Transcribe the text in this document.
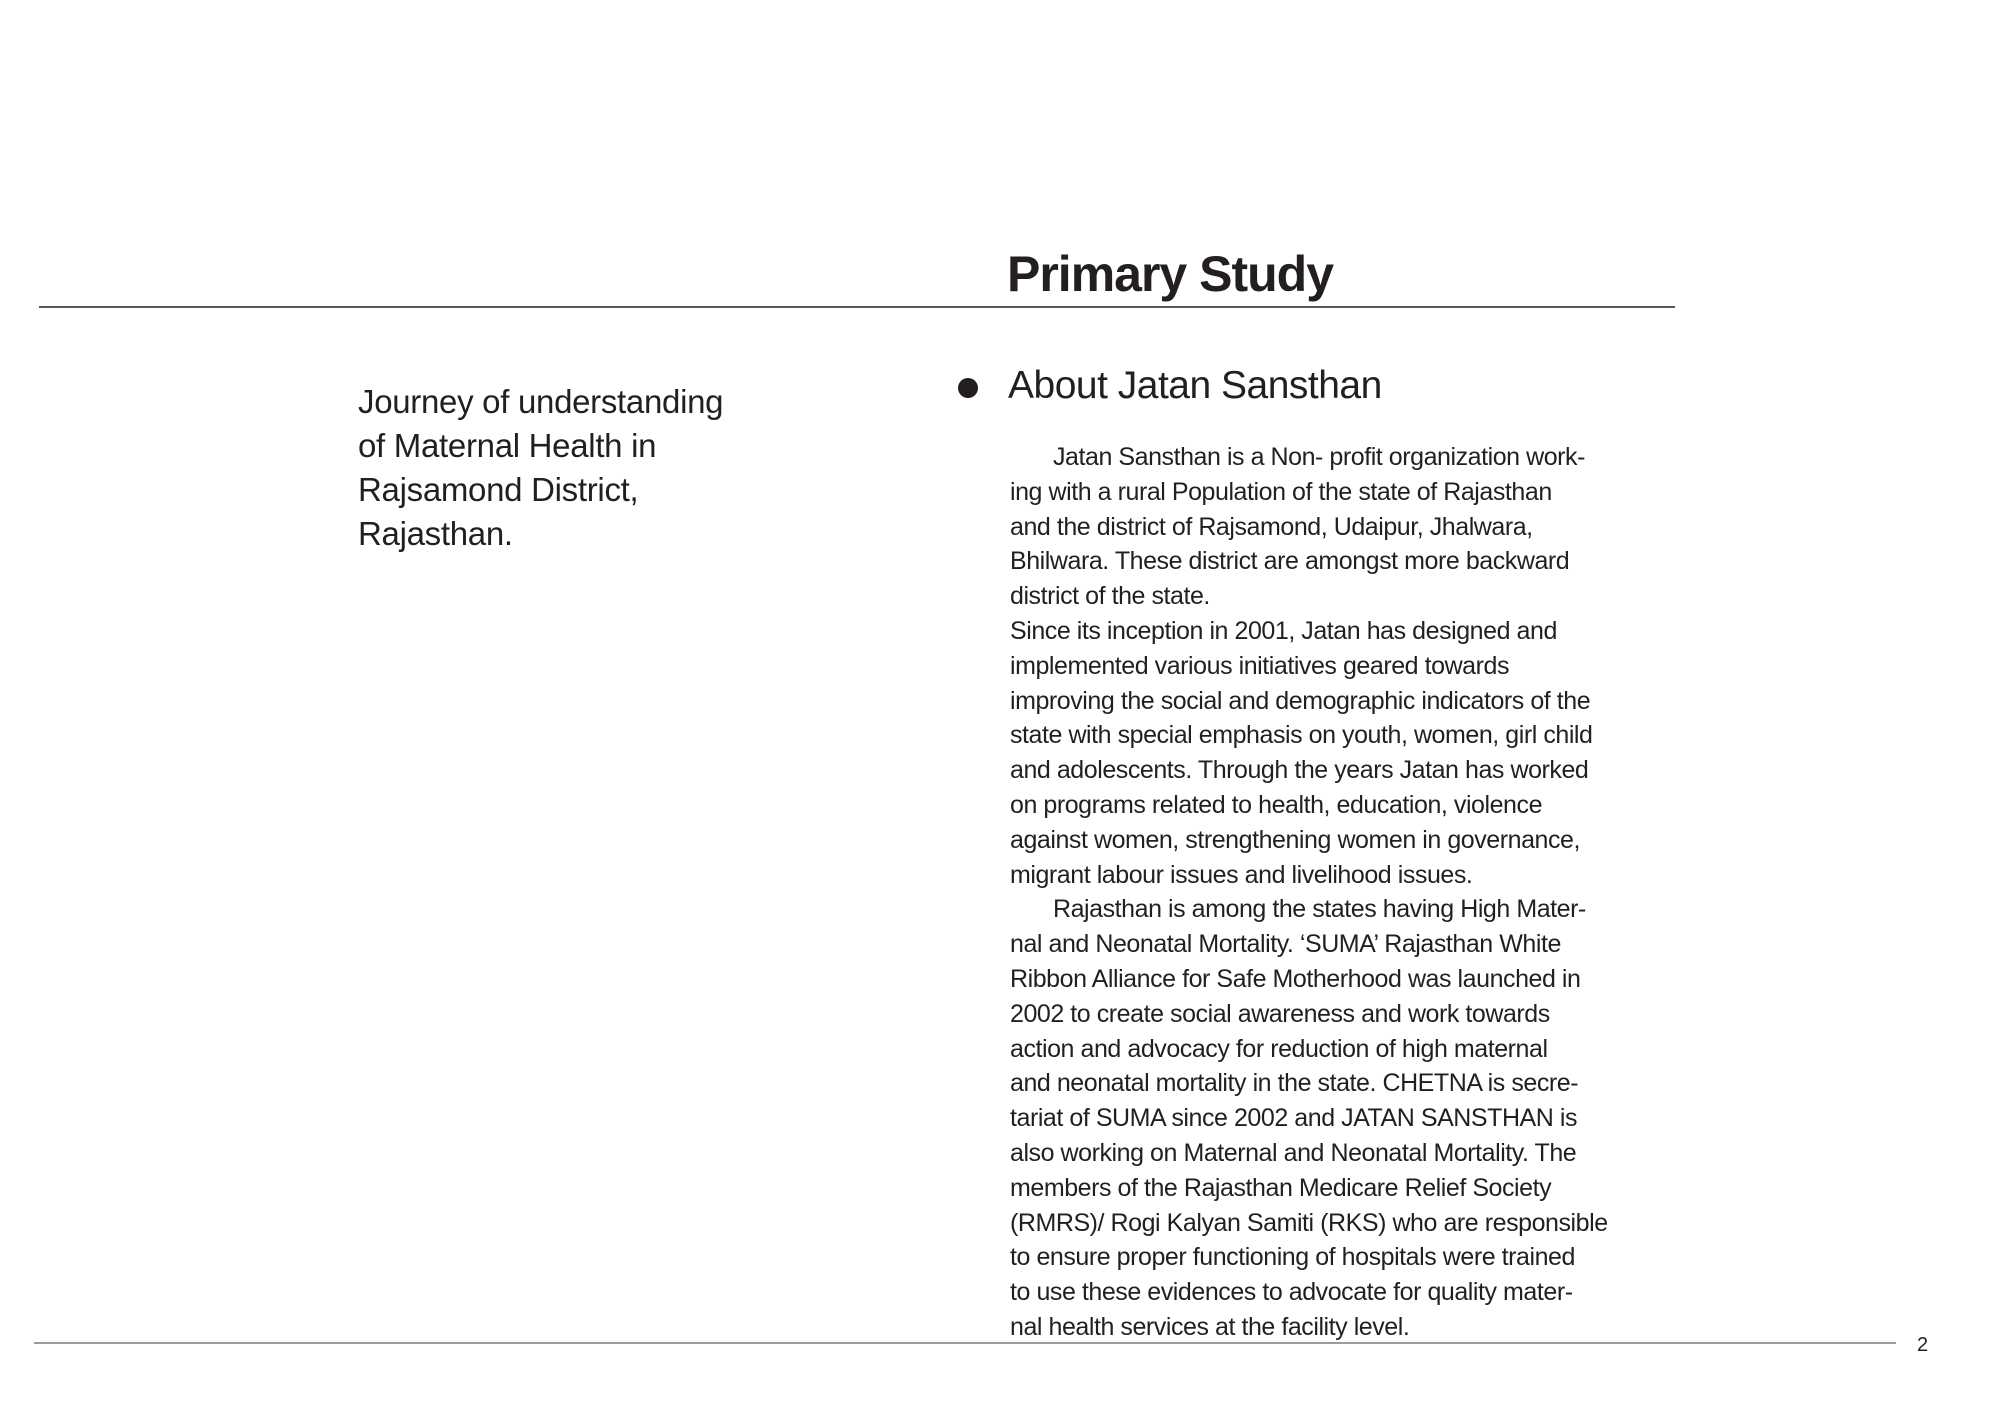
Primary Study
Journey of understanding
of Maternal Health in
Rajsamond District,
Rajasthan.
About Jatan Sansthan
Jatan Sansthan is a Non- profit organization work-
ing with a rural Population of the state of Rajasthan
and the district of Rajsamond, Udaipur, Jhalwara,
Bhilwara. These district are amongst more backward
district of the state.
Since its inception in 2001, Jatan has designed and
implemented various initiatives geared towards
improving the social and demographic indicators of the
state with special emphasis on youth, women, girl child
and adolescents. Through the years Jatan has worked
on programs related to health, education, violence
against women, strengthening women in governance,
migrant labour issues and livelihood issues.
Rajasthan is among the states having High Mater-
nal and Neonatal Mortality. ‘SUMA’ Rajasthan White
Ribbon Alliance for Safe Motherhood was launched in
2002 to create social awareness and work towards
action and advocacy for reduction of high maternal
and neonatal mortality in the state. CHETNA is secre-
tariat of SUMA since 2002 and JATAN SANSTHAN is
also working on Maternal and Neonatal Mortality. The
members of the Rajasthan Medicare Relief Society
(RMRS)/ Rogi Kalyan Samiti (RKS) who are responsible
to ensure proper functioning of hospitals were trained
to use these evidences to advocate for quality mater-
nal health services at the facility level.
2
